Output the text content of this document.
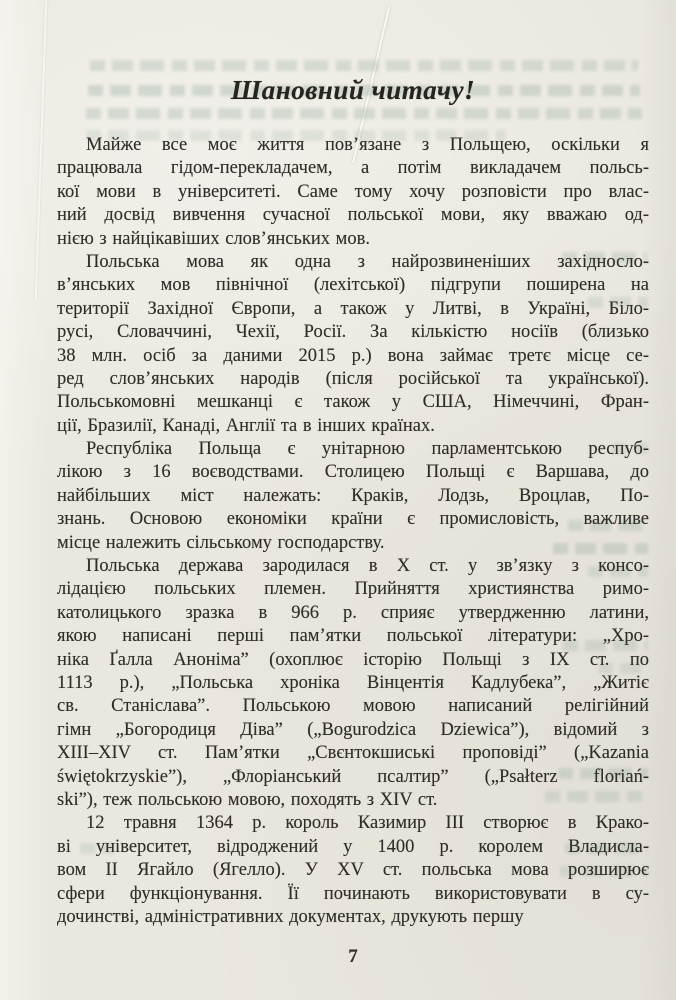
Шановний читачу!
Майже все моє життя пов’язане з Польщею, оскільки я
працювала гідом-перекладачем, а потім викладачем польсь-
кої мови в університеті. Саме тому хочу розповісти про влас-
ний досвід вивчення сучасної польської мови, яку вважаю од-
нією з найцікавіших слов’янських мов.
Польська мова як одна з найрозвиненіших західносло-
в’янських мов північної (лехітської) підгрупи поширена на
території Західної Європи, а також у Литві, в Україні, Біло-
русі, Словаччині, Чехії, Росії. За кількістю носіїв (близько
38 млн. осіб за даними 2015 р.) вона займає третє місце се-
ред слов’янських народів (після російської та української).
Польськомовні мешканці є також у США, Німеччині, Фран-
ції, Бразилії, Канаді, Англії та в інших країнах.
Республіка Польща є унітарною парламентською респуб-
лікою з 16 воєводствами. Столицею Польщі є Варшава, до
найбільших міст належать: Краків, Лодзь, Вроцлав, По-
знань. Основою економіки країни є промисловість, важливе
місце належить сільському господарству.
Польська держава зародилася в X ст. у зв’язку з консо-
лідацією польських племен. Прийняття християнства римо-
католицького зразка в 966 р. сприяє утвердженню латини,
якою написані перші пам’ятки польської літератури: „Хро-
ніка Ґалла Аноніма” (охоплює історію Польщі з IX ст. по
1113 р.), „Польська хроніка Вінцентія Кадлубека”, „Житіє
св. Станіслава”. Польською мовою написаний релігійний
гімн „Богородиця Діва” („Bogurodzica Dziewica”), відомий з
XIII–XIV ст. Пам’ятки „Свєнтокшиські проповіді” („Kazania
świętokrzyskie”), „Флоріанський псалтир” („Psałterz floriań-
ski”), теж польською мовою, походять з XIV ст.
12 травня 1364 р. король Казимир III створює в Крако-
ві університет, відроджений у 1400 р. королем Владисла-
вом II Ягайло (Ягелло). У XV ст. польська мова розширює
сфери функціонування. Її починають використовувати в су-
дочинстві, адміністративних документах, друкують першу
7
